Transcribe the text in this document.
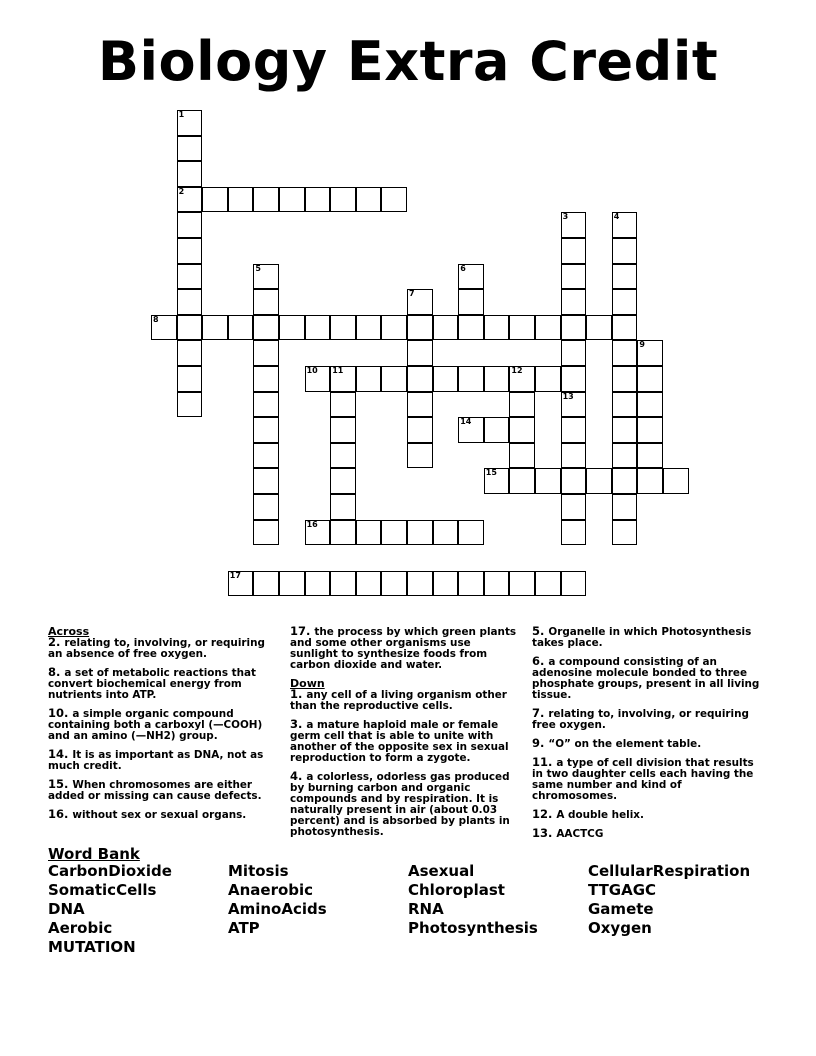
Biology Extra Credit
1
2
3
13
4
5	6
7
8
9
10 11	12
14
15
16
17
Across
2. relating to, involving, or requiring an absence of free oxygen.
8. a set of metabolic reactions that convert biochemical energy from nutrients into ATP.
10. a simple organic compound containing both a carboxyl (—COOH) and an amino (—NH2) group.
14. It is as important as DNA, not as much credit.
15. When chromosomes are either added or missing can cause defects.
16. without sex or sexual organs.
17. the process by which green plants and some other organisms use sunlight to synthesize foods from carbon dioxide and water.
Down
1. any cell of a living organism other than the reproductive cells.
3. a mature haploid male or female germ cell that is able to unite with another of the opposite sex in sexual reproduction to form a zygote.
4. a colorless, odorless gas produced by burning carbon and organic compounds and by respiration. It is naturally present in air (about 0.03 percent) and is absorbed by plants in photosynthesis.
5. Organelle in which Photosynthesis takes place.
6. a compound consisting of an adenosine molecule bonded to three phosphate groups, present in all living tissue.
7. relating to, involving, or requiring free oxygen.
9. “O” on the element table.
11. a type of cell division that results in two daughter cells each having the same number and kind of chromosomes.
12. A double helix.
13. AACTCG
Word Bank
CarbonDioxide
SomaticCells
DNA
Aerobic
MUTATION
Mitosis
Anaerobic
AminoAcids
ATP
Asexual
Chloroplast
RNA
Photosynthesis
CellularRespiration
TTGAGC
Gamete
Oxygen
